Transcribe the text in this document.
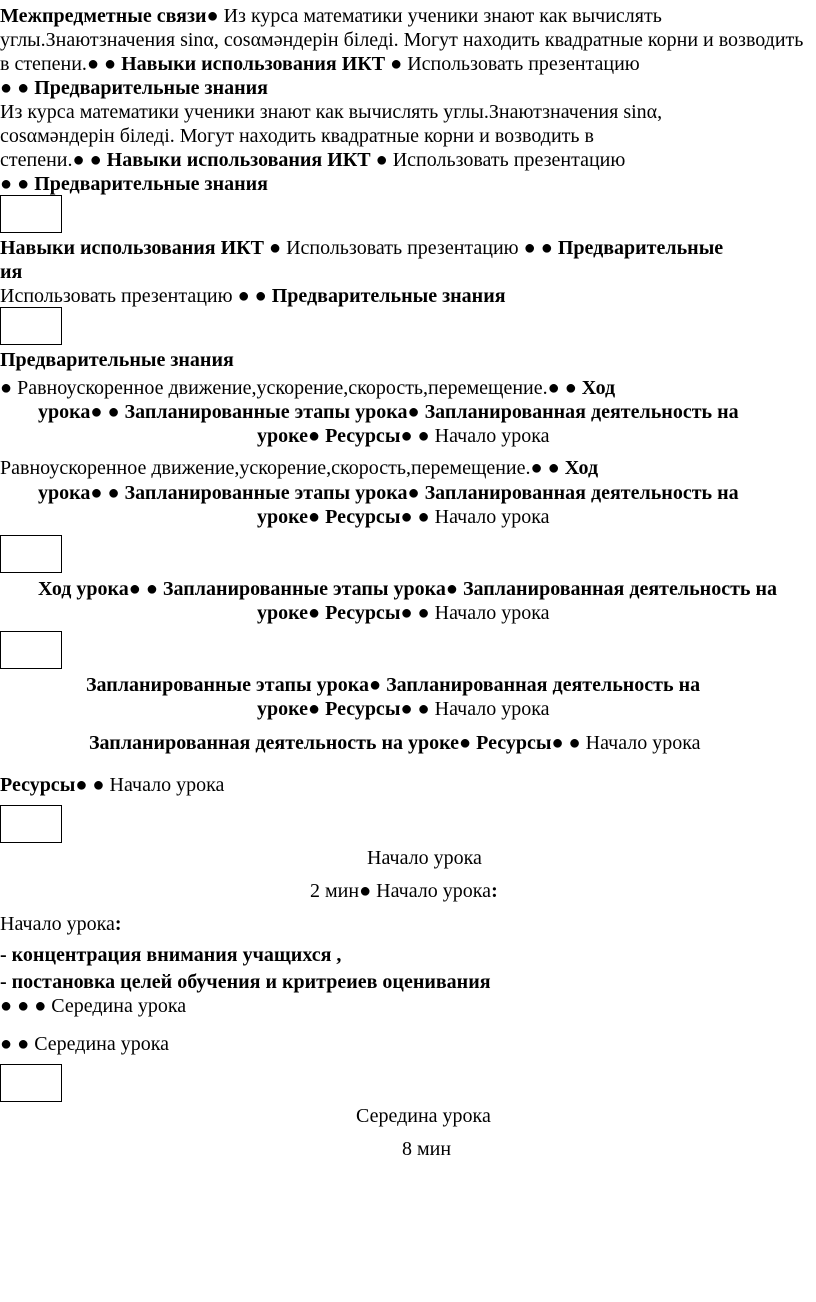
Межпредметные связи● Из курса математики ученики знают как вычислять
углы.Знаютзначения sinα, cosαмәндерін біледі. Могут находить квадратные корни и возводить
в степени.● ● Навыки использования ИКТ ● Использовать презентацию
● ● Предварительные знания
Из курса математики ученики знают как вычислять углы.Знаютзначения sinα,
cosαмәндерін біледі. Могут находить квадратные корни и возводить в
степени.● ● Навыки использования ИКТ ● Использовать презентацию
● ● Предварительные знания
Навыки использования ИКТ ● Использовать презентацию ● ● Предварительные
ия
Использовать презентацию ● ● Предварительные знания
Предварительные знания
● Равноускоренное движение,ускорение,скорость,перемещение.● ● Ход
урока● ● Запланированные этапы урока● Запланированная деятельность на
уроке● Ресурсы● ● Начало урока
Равноускоренное движение,ускорение,скорость,перемещение.● ● Ход
урока● ● Запланированные этапы урока● Запланированная деятельность на
уроке● Ресурсы● ● Начало урока
Ход урока● ● Запланированные этапы урока● Запланированная деятельность на
уроке● Ресурсы● ● Начало урока
Запланированные этапы урока● Запланированная деятельность на
уроке● Ресурсы● ● Начало урока
Запланированная деятельность на уроке● Ресурсы● ● Начало урока
Ресурсы● ● Начало урока
Начало урока
2 мин● Начало урока:
Начало урока:
- концентрация внимания учащихся ,
- постановка целей обучения и критреиев оценивания
● ● ● Середина урока
● ● Середина урока
Середина урока
8 мин
